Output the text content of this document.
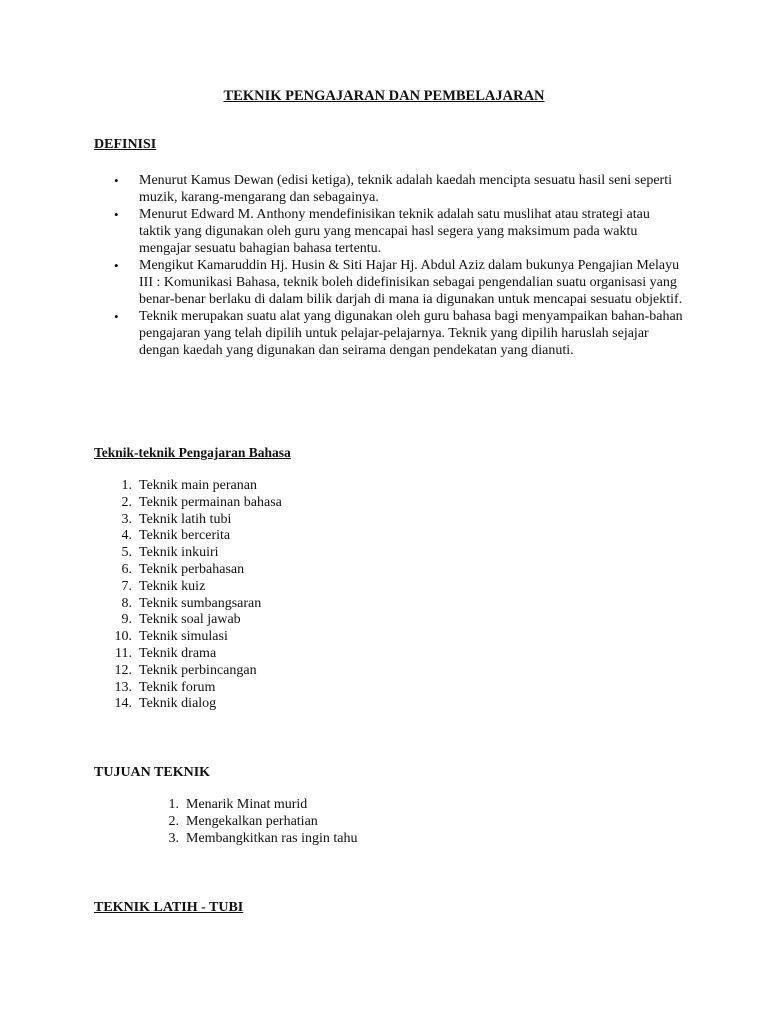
TEKNIK PENGAJARAN DAN PEMBELAJARAN
DEFINISI
• Menurut Kamus Dewan (edisi ketiga), teknik adalah kaedah mencipta sesuatu hasil seni seperti muzik, karang-mengarang dan sebagainya.
• Menurut Edward M. Anthony mendefinisikan teknik adalah satu muslihat atau strategi atau taktik yang digunakan oleh guru yang mencapai hasl segera yang maksimum pada waktu mengajar sesuatu bahagian bahasa tertentu.
• Mengikut Kamaruddin Hj. Husin & Siti Hajar Hj. Abdul Aziz dalam bukunya Pengajian Melayu III : Komunikasi Bahasa, teknik boleh didefinisikan sebagai pengendalian suatu organisasi yang benar-benar berlaku di dalam bilik darjah di mana ia digunakan untuk mencapai sesuatu objektif.
• Teknik merupakan suatu alat yang digunakan oleh guru bahasa bagi menyampaikan bahan-bahan pengajaran yang telah dipilih untuk pelajar-pelajarnya. Teknik yang dipilih haruslah sejajar dengan kaedah yang digunakan dan seirama dengan pendekatan yang dianuti.
Teknik-teknik Pengajaran Bahasa
1. Teknik main peranan
2. Teknik permainan bahasa
3. Teknik latih tubi
4. Teknik bercerita
5. Teknik inkuiri
6. Teknik perbahasan
7. Teknik kuiz
8. Teknik sumbangsaran
9. Teknik soal jawab
10. Teknik simulasi
11. Teknik drama
12. Teknik perbincangan
13. Teknik forum
14. Teknik dialog
TUJUAN TEKNIK
1. Menarik Minat murid
2. Mengekalkan perhatian
3. Membangkitkan ras ingin tahu
TEKNIK LATIH - TUBI
